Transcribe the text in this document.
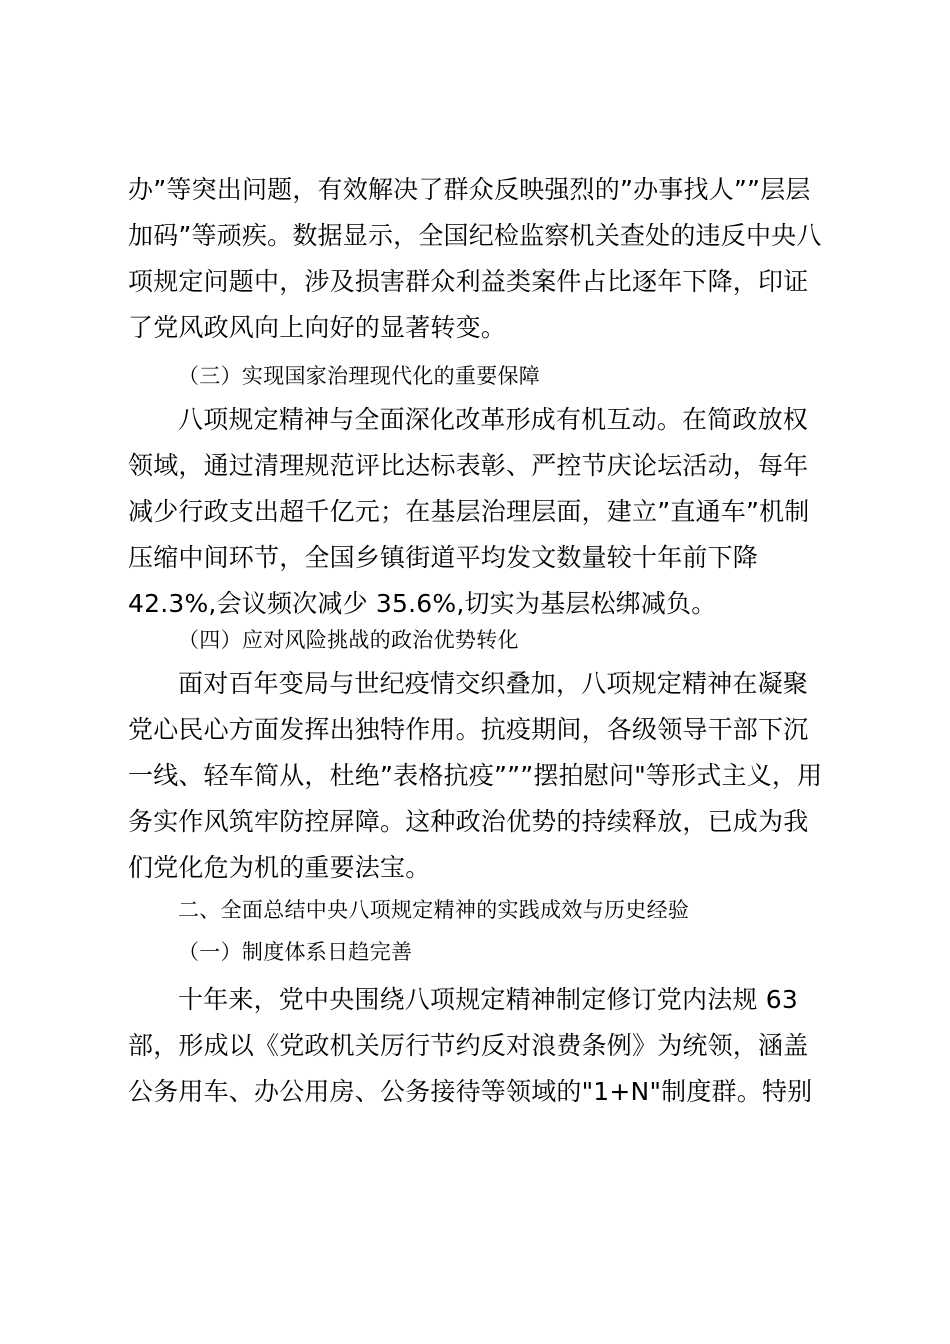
办”等突出问题，有效解决了群众反映强烈的”办事找人””层层
加码”等顽疾。数据显示，全国纪检监察机关查处的违反中央八
项规定问题中，涉及损害群众利益类案件占比逐年下降，印证
了党风政风向上向好的显著转变。
（三）实现国家治理现代化的重要保障
八项规定精神与全面深化改革形成有机互动。在简政放权
领域，通过清理规范评比达标表彰、严控节庆论坛活动，每年
减少行政支出超千亿元；在基层治理层面，建立”直通车”机制
压缩中间环节，全国乡镇街道平均发文数量较十年前下降
42.3%,会议频次减少 35.6%,切实为基层松绑减负。
（四）应对风险挑战的政治优势转化
面对百年变局与世纪疫情交织叠加，八项规定精神在凝聚
党心民心方面发挥出独特作用。抗疫期间，各级领导干部下沉
一线、轻车简从，杜绝”表格抗疫”””摆拍慰问"等形式主义，用
务实作风筑牢防控屏障。这种政治优势的持续释放，已成为我
们党化危为机的重要法宝。
二、全面总结中央八项规定精神的实践成效与历史经验
（一）制度体系日趋完善
十年来，党中央围绕八项规定精神制定修订党内法规 63
部，形成以《党政机关厉行节约反对浪费条例》为统领，涵盖
公务用车、办公用房、公务接待等领域的"1+N"制度群。特别
